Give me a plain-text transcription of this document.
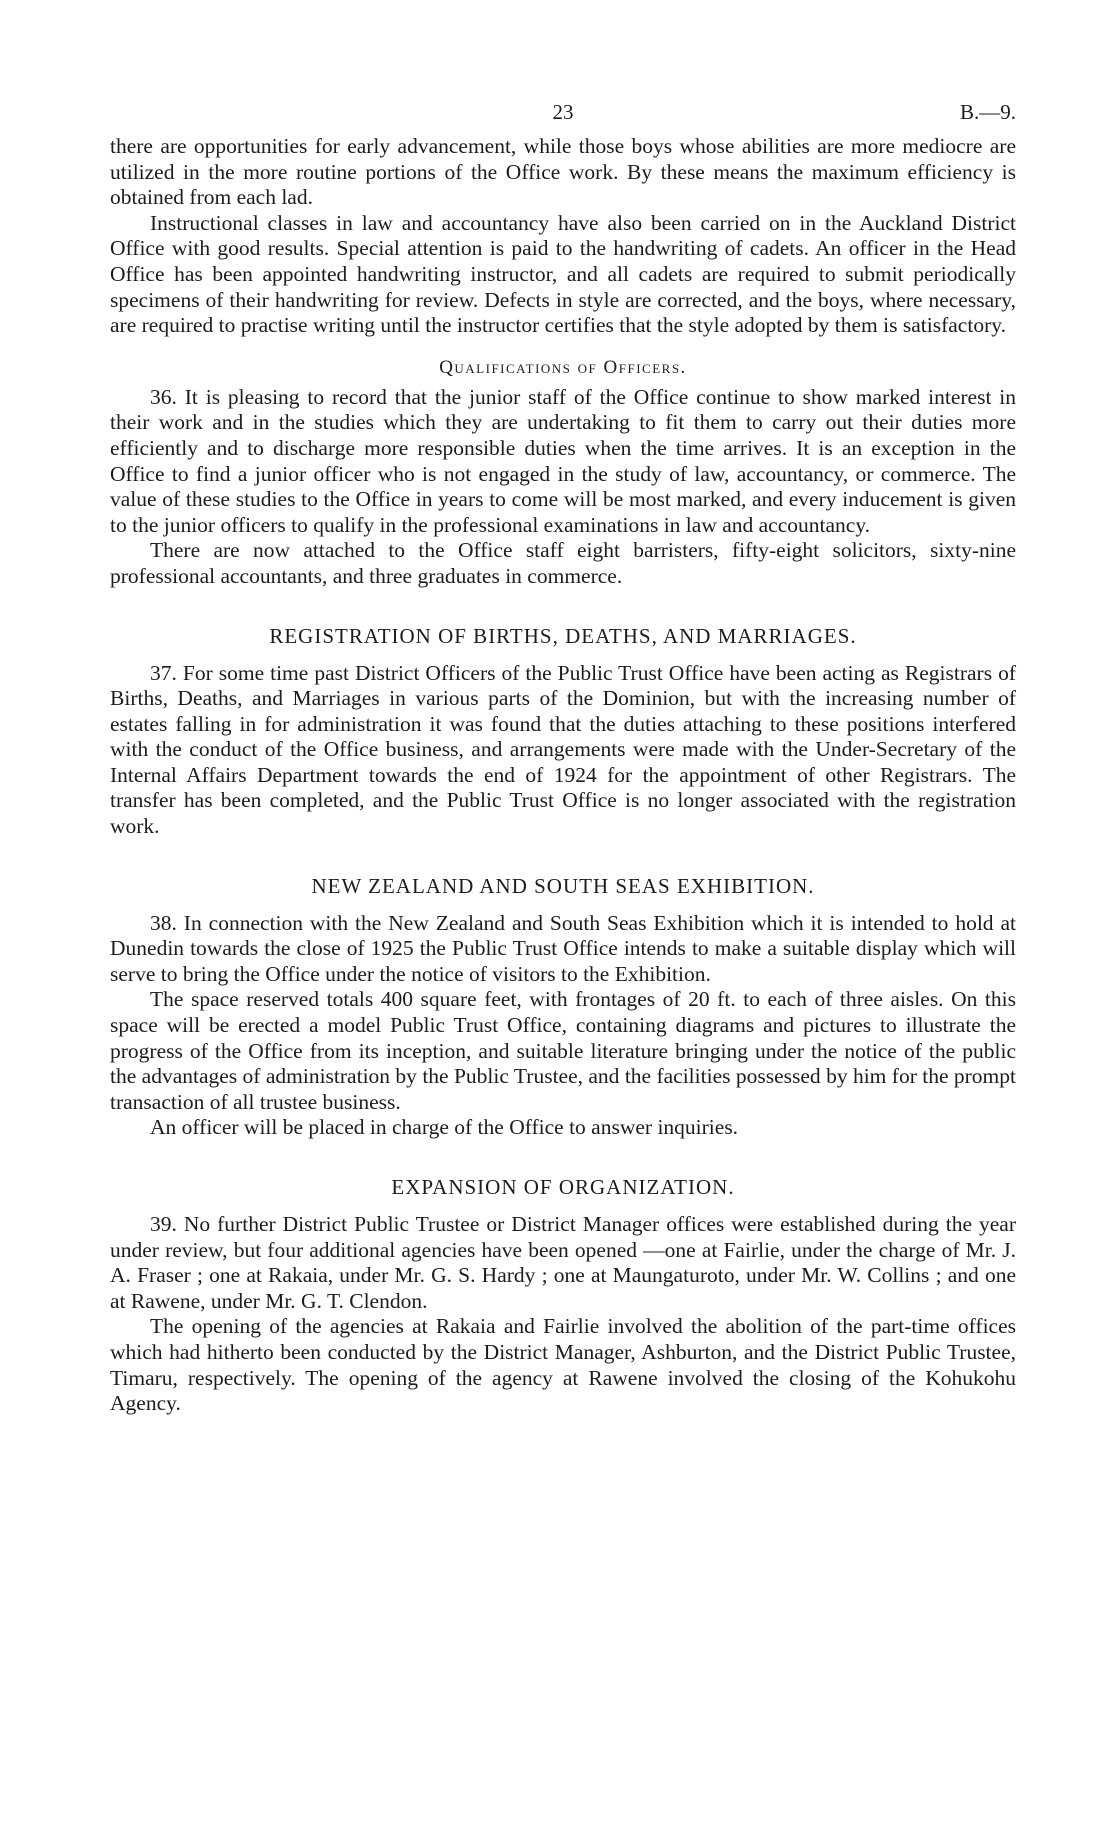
23	B.—9.

there are opportunities for early advancement, while those boys whose abilities are more mediocre are utilized in the more routine portions of the Office work. By these means the maximum efficiency is obtained from each lad.

Instructional classes in law and accountancy have also been carried on in the Auckland District Office with good results. Special attention is paid to the handwriting of cadets. An officer in the Head Office has been appointed handwriting instructor, and all cadets are required to submit periodically specimens of their handwriting for review. Defects in style are corrected, and the boys, where necessary, are required to practise writing until the instructor certifies that the style adopted by them is satisfactory.

Qualifications of Officers.

36. It is pleasing to record that the junior staff of the Office continue to show marked interest in their work and in the studies which they are undertaking to fit them to carry out their duties more efficiently and to discharge more responsible duties when the time arrives. It is an exception in the Office to find a junior officer who is not engaged in the study of law, accountancy, or commerce. The value of these studies to the Office in years to come will be most marked, and every inducement is given to the junior officers to qualify in the professional examinations in law and accountancy.

There are now attached to the Office staff eight barristers, fifty-eight solicitors, sixty-nine professional accountants, and three graduates in commerce.

REGISTRATION OF BIRTHS, DEATHS, AND MARRIAGES.

37. For some time past District Officers of the Public Trust Office have been acting as Registrars of Births, Deaths, and Marriages in various parts of the Dominion, but with the increasing number of estates falling in for administration it was found that the duties attaching to these positions interfered with the conduct of the Office business, and arrangements were made with the Under-Secretary of the Internal Affairs Department towards the end of 1924 for the appointment of other Registrars. The transfer has been completed, and the Public Trust Office is no longer associated with the registration work.

NEW ZEALAND AND SOUTH SEAS EXHIBITION.

38. In connection with the New Zealand and South Seas Exhibition which it is intended to hold at Dunedin towards the close of 1925 the Public Trust Office intends to make a suitable display which will serve to bring the Office under the notice of visitors to the Exhibition.

The space reserved totals 400 square feet, with frontages of 20 ft. to each of three aisles. On this space will be erected a model Public Trust Office, containing diagrams and pictures to illustrate the progress of the Office from its inception, and suitable literature bringing under the notice of the public the advantages of administration by the Public Trustee, and the facilities possessed by him for the prompt transaction of all trustee business.

An officer will be placed in charge of the Office to answer inquiries.

EXPANSION OF ORGANIZATION.

39. No further District Public Trustee or District Manager offices were established during the year under review, but four additional agencies have been opened —one at Fairlie, under the charge of Mr. J. A. Fraser ; one at Rakaia, under Mr. G. S. Hardy ; one at Maungaturoto, under Mr. W. Collins ; and one at Rawene, under Mr. G. T. Clendon.

The opening of the agencies at Rakaia and Fairlie involved the abolition of the part-time offices which had hitherto been conducted by the District Manager, Ashburton, and the District Public Trustee, Timaru, respectively. The opening of the agency at Rawene involved the closing of the Kohukohu Agency.
